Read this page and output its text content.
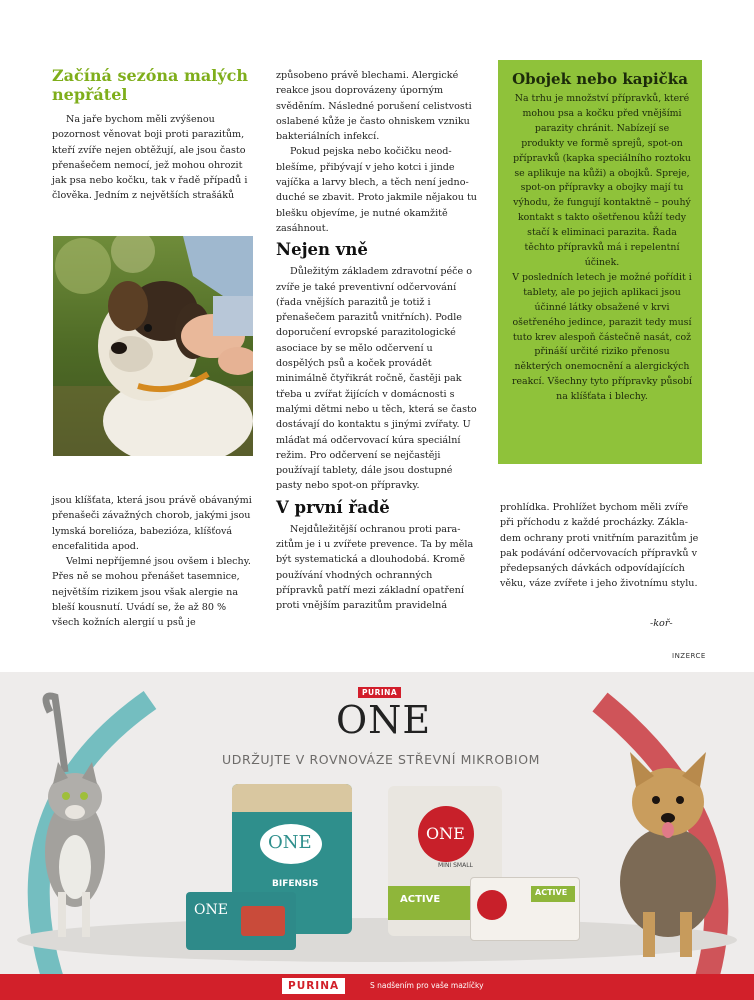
Začíná sezóna malých nepřátel

Na jaře bychom měli zvýšenou pozornost věnovat boji proti parazitům, kteří zvíře nejen obtěžují, ale jsou často přenašečem nemocí, jež mohou ohrozit jak psa nebo kočku, tak v řadě případů i člověka. Jedním z největších strašáků

jsou klíšťata, která jsou právě obávanými přenašeči závažných chorob, jakými jsou lymská borelióza, babezióza, klíšťová encefalitida apod.

Velmi nepříjemné jsou ovšem i blechy. Přes ně se mohou přenášet tasemnice, největším rizikem jsou však alergie na bleší kousnutí. Uvádí se, že až 80 % všech kožních alergií u psů je

způsobeno právě blechami. Alergické reakce jsou doprovázeny úporným svěděním. Následné porušení celistvosti oslabené kůže je často ohniskem vzniku bakteriálních infekcí.

Pokud pejska nebo kočičku neodblešíme, přibývají v jeho kotci i jinde vajíčka a larvy blech, a těch není jednoduché se zbavit. Proto jakmile nějakou tu blešku objevíme, je nutné okamžitě zasáhnout.

Nejen vně

Důležitým základem zdravotní péče o zvíře je také preventivní odčervování (řada vnějších parazitů je totiž i přenašečem parazitů vnitřních). Podle doporučení evropské parazitologické asociace by se mělo odčervení u dospělých psů a koček provádět minimálně čtyřikrát ročně, častěji pak třeba u zvířat žijících v domácnosti s malými dětmi nebo u těch, která se často dostávají do kontaktu s jinými zvířaty. U mláďat má odčervovací kúra speciální režim. Pro odčervení se nejčastěji používají tablety, dále jsou dostupné pasty nebo spot-on přípravky.

V první řadě

Nejdůležitější ochranou proti parazitům je i u zvířete prevence. Ta by měla být systematická a dlouhodobá. Kromě používání vhodných ochranných přípravků patří mezi základní opatření proti vnějším parazitům pravidelná

Obojek nebo kapička

Na trhu je množství přípravků, které mohou psa a kočku před vnějšími parazity chránit. Nabízejí se produkty ve formě sprejů, spot-on přípravků (kapka speciálního roztoku se aplikuje na kůži) a obojků. Spreje, spot-on přípravky a obojky mají tu výhodu, že fungují kontaktně – pouhý kontakt s takto ošetřenou kůží tedy stačí k eliminaci parazita. Řada těchto přípravků má i repelentní účinek.

V posledních letech je možné pořídit i tablety, ale po jejich aplikaci jsou účinné látky obsažené v krvi ošetřeného jedince, parazit tedy musí tuto krev alespoň částečně nasát, což přináší určité riziko přenosu některých onemocnění a alergických reakcí. Všechny tyto přípravky působí na klíšťata i blechy.

prohlídka. Prohlížet bychom měli zvíře při příchodu z každé procházky. Základem ochrany proti vnitřním parazitům je pak podávání odčervovacích přípravků v předepsaných dávkách odpovídajících věku, váze zvířete i jeho životnímu stylu.

-koř-
INZERCE
PURINA
ONE
UDRŽUJTE V ROVNOVÁZE STŘEVNÍ MIKROBIOM
ONE
BIFENSIS
ONE
ONE
MINI SMALL
ACTIVE
ACTIVE
PURINA	S nadšením pro vaše mazlíčky
